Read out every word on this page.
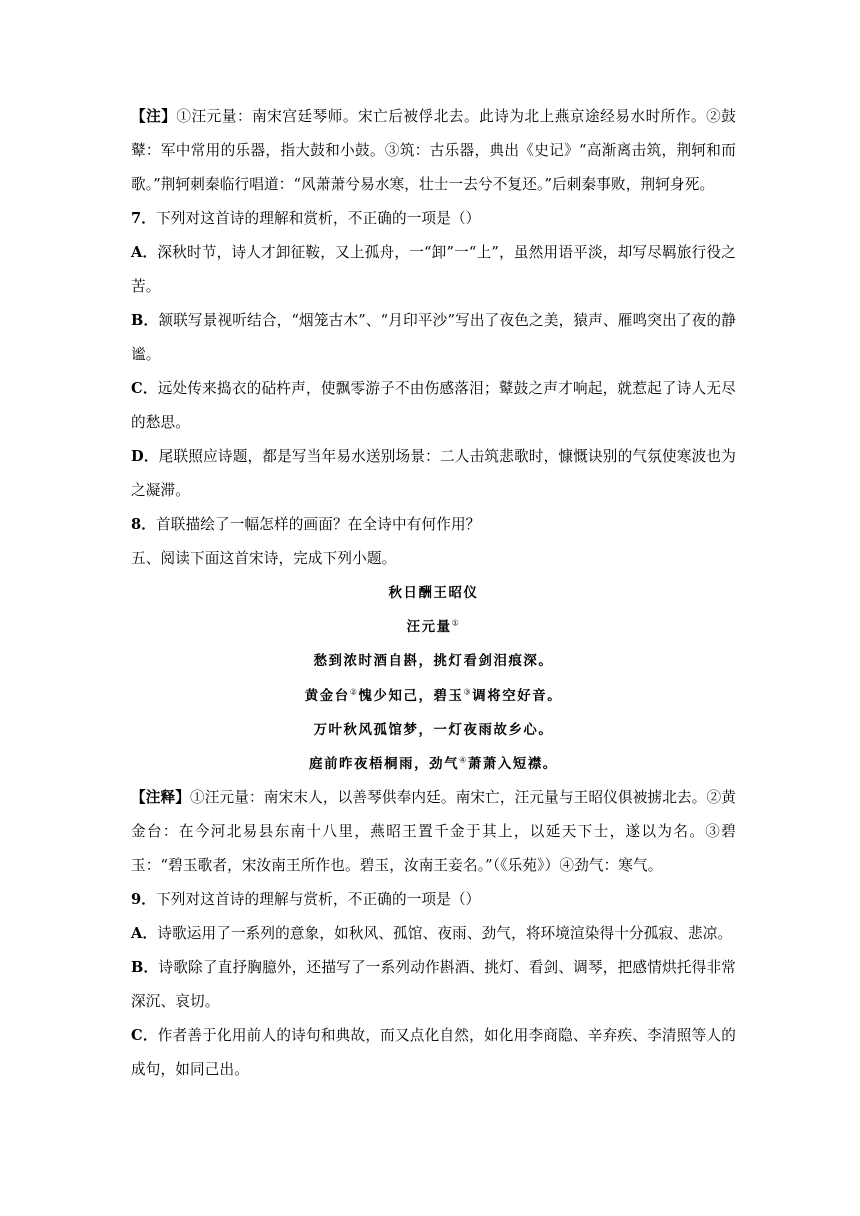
【注】①汪元量：南宋宫廷琴师。宋亡后被俘北去。此诗为北上燕京途经易水时所作。②鼓鼙：军中常用的乐器，指大鼓和小鼓。③筑：古乐器，典出《史记》“高渐离击筑，荆轲和而歌。”荆轲刺秦临行唱道：“风萧萧兮易水寒，壮士一去兮不复还。”后刺秦事败，荆轲身死。

7．下列对这首诗的理解和赏析，不正确的一项是（）

A．深秋时节，诗人才卸征鞍，又上孤舟，一“卸”一“上”，虽然用语平淡，却写尽羁旅行役之苦。

B．颔联写景视听结合，“烟笼古木”、“月印平沙”写出了夜色之美，猿声、雁鸣突出了夜的静谧。

C．远处传来捣衣的砧杵声，使飘零游子不由伤感落泪；鼙鼓之声才响起，就惹起了诗人无尽的愁思。

D．尾联照应诗题，都是写当年易水送别场景：二人击筑悲歌时，慷慨诀别的气氛使寒波也为之凝滞。

8．首联描绘了一幅怎样的画面？在全诗中有何作用？

五、阅读下面这首宋诗，完成下列小题。

秋日酬王昭仪

汪元量①

愁到浓时酒自斟，挑灯看剑泪痕深。

黄金台②愧少知己，碧玉③调将空好音。

万叶秋风孤馆梦，一灯夜雨故乡心。

庭前昨夜梧桐雨，劲气④萧萧入短襟。

【注释】①汪元量：南宋末人，以善琴供奉内廷。南宋亡，汪元量与王昭仪俱被掳北去。②黄金台：在今河北易县东南十八里，燕昭王置千金于其上，以延天下士，遂以为名。③碧玉：“碧玉歌者，宋汝南王所作也。碧玉，汝南王妾名。”（《乐苑》）④劲气：寒气。

9．下列对这首诗的理解与赏析，不正确的一项是（）

A．诗歌运用了一系列的意象，如秋风、孤馆、夜雨、劲气，将环境渲染得十分孤寂、悲凉。

B．诗歌除了直抒胸臆外，还描写了一系列动作斟酒、挑灯、看剑、调琴，把感情烘托得非常深沉、哀切。

C．作者善于化用前人的诗句和典故，而又点化自然，如化用李商隐、辛弃疾、李清照等人的成句，如同己出。
